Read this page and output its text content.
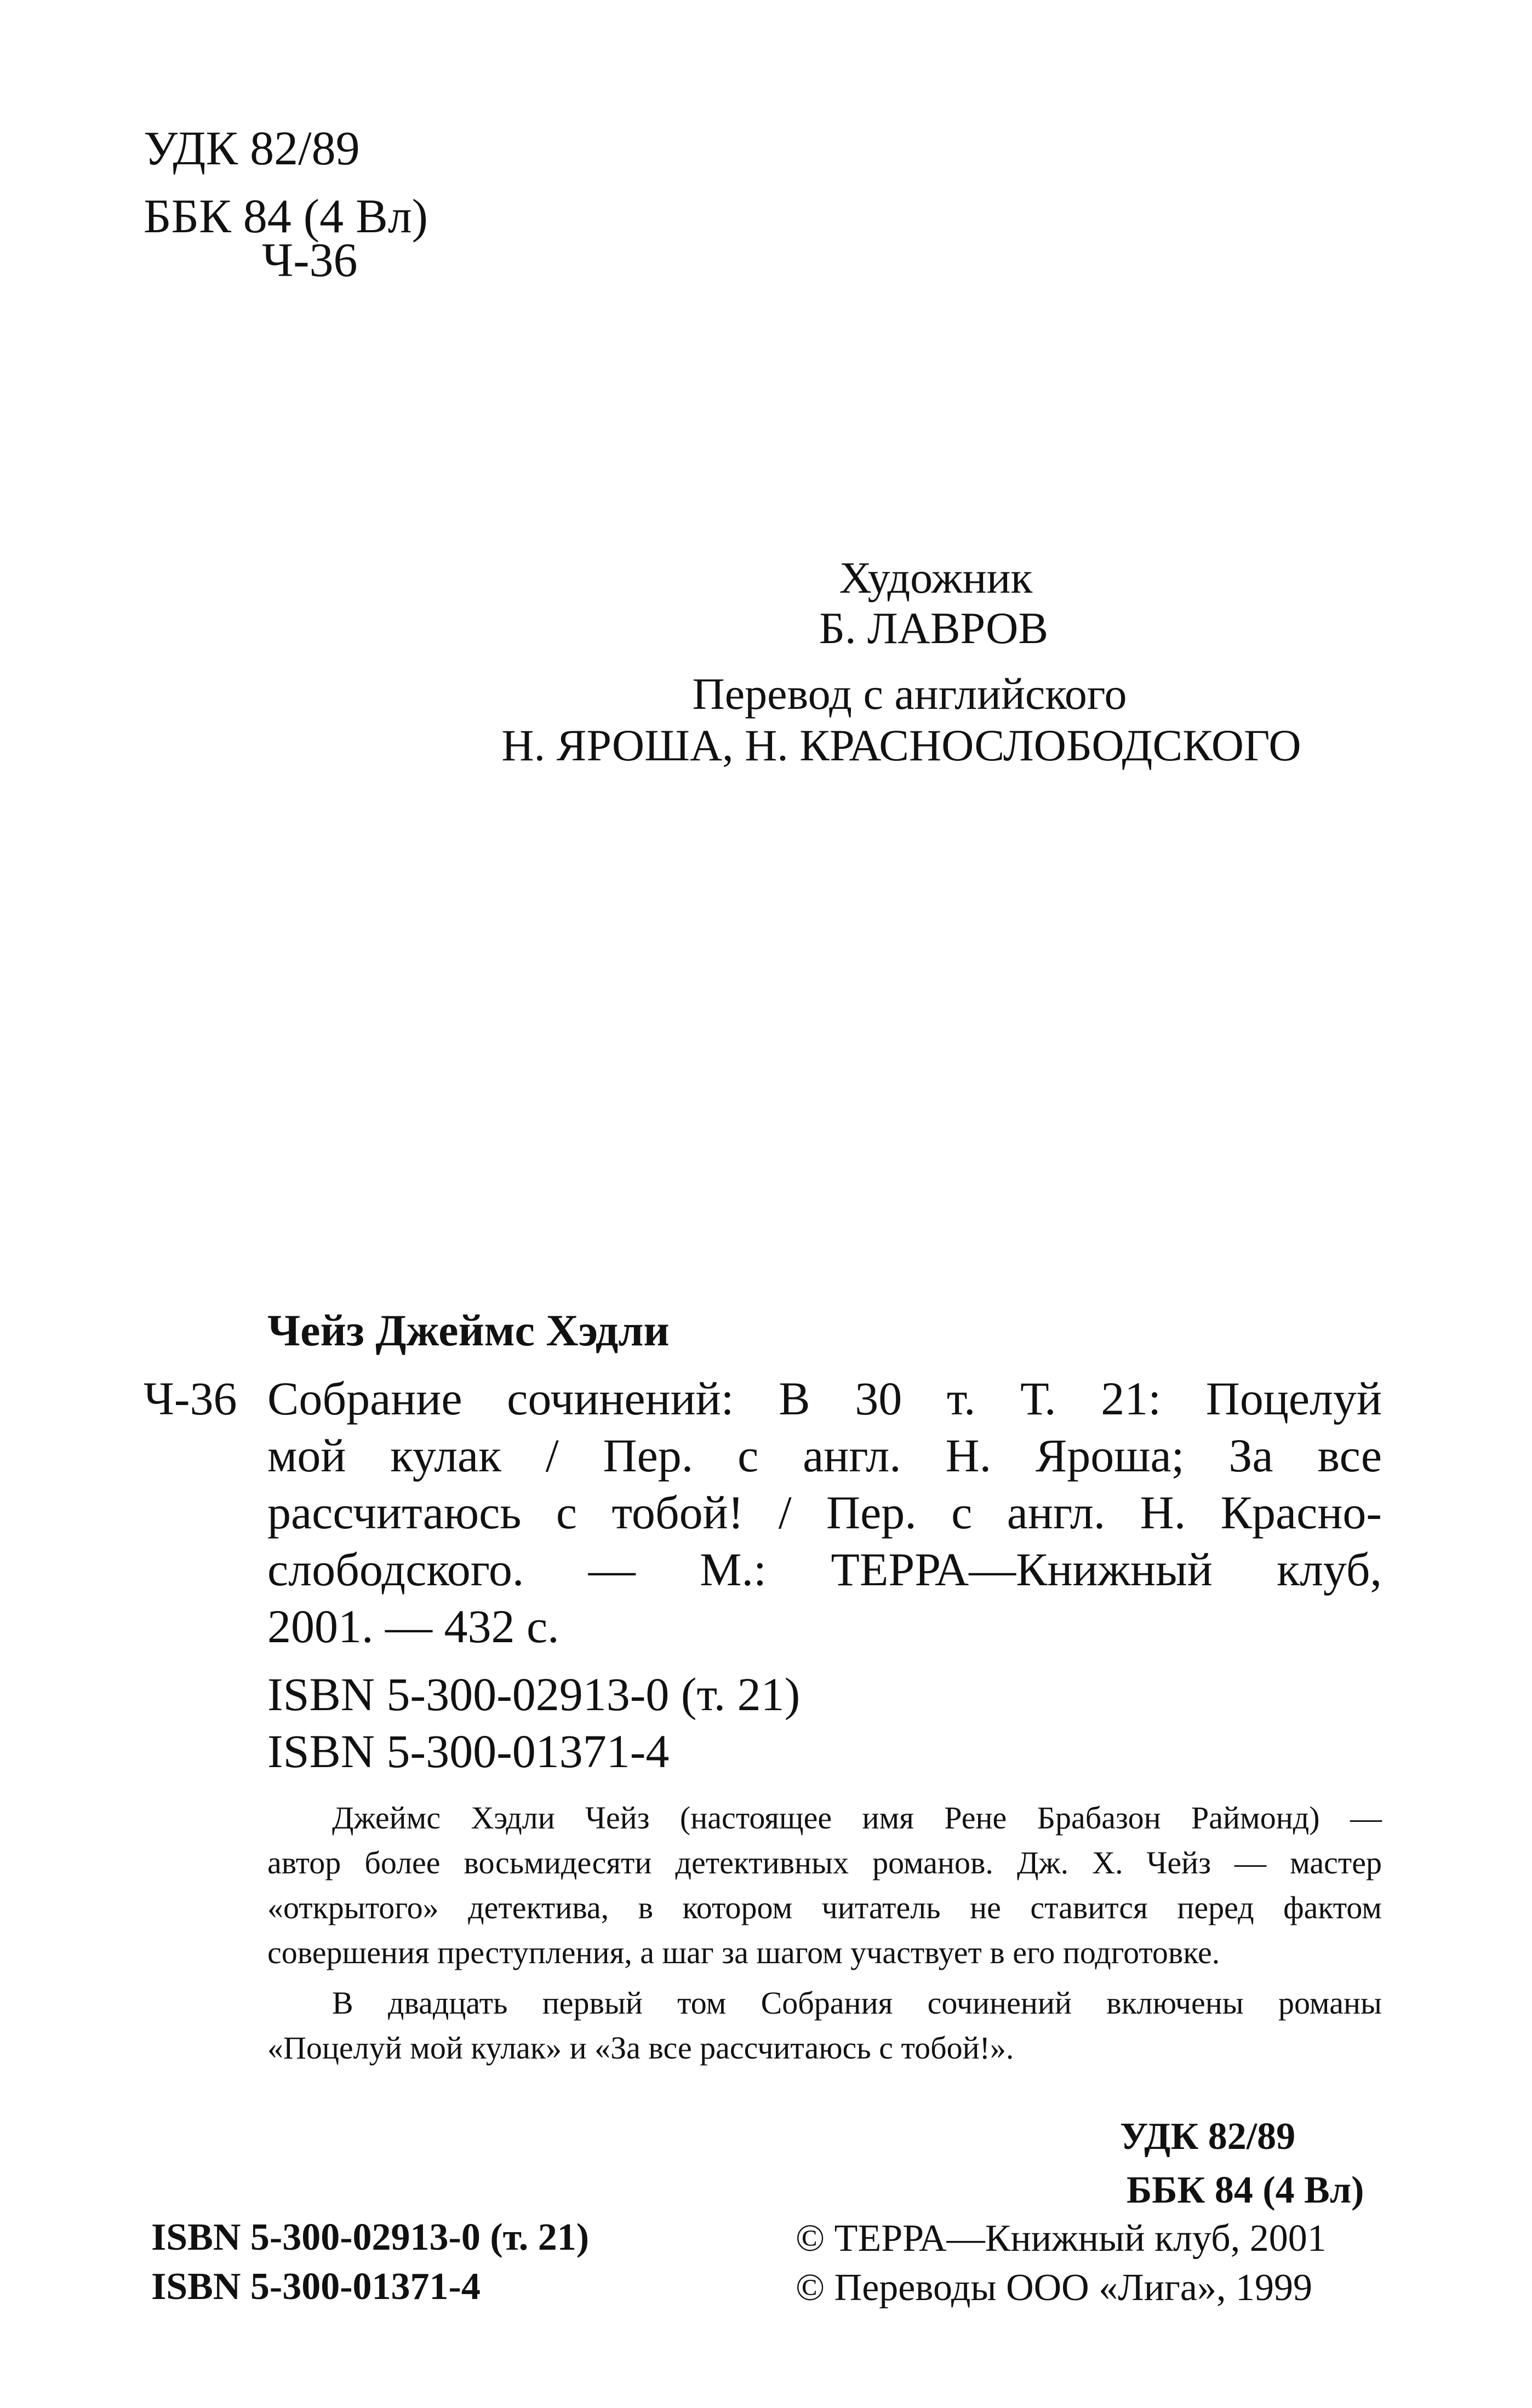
УДК 82/89
ББК 84 (4 Вл)
Ч-36
Художник
Б. ЛАВРОВ
Перевод с английского
Н. ЯРОША, Н. КРАСНОСЛОБОДСКОГО
Чейз Джеймс Хэдли
Ч-36 Собрание сочинений: В 30 т. Т. 21: Поцелуй
мой кулак / Пер. с англ. Н. Яроша; За все
рассчитаюсь с тобой! / Пер. с англ. Н. Красно-
слободского. — М.: ТЕРРА—Книжный клуб,
2001. — 432 с.
ISBN 5-300-02913-0 (т. 21)
ISBN 5-300-01371-4
Джеймс Хэдли Чейз (настоящее имя Рене Брабазон Раймонд) —
автор более восьмидесяти детективных романов. Дж. Х. Чейз — мастер
«открытого» детектива, в котором читатель не ставится перед фактом
совершения преступления, а шаг за шагом участвует в его подготовке.
В двадцать первый том Собрания сочинений включены романы
«Поцелуй мой кулак» и «За все рассчитаюсь с тобой!».
УДК 82/89
ББК 84 (4 Вл)
ISBN 5-300-02913-0 (т. 21)
ISBN 5-300-01371-4
© ТЕРРА—Книжный клуб, 2001
© Переводы ООО «Лига», 1999
